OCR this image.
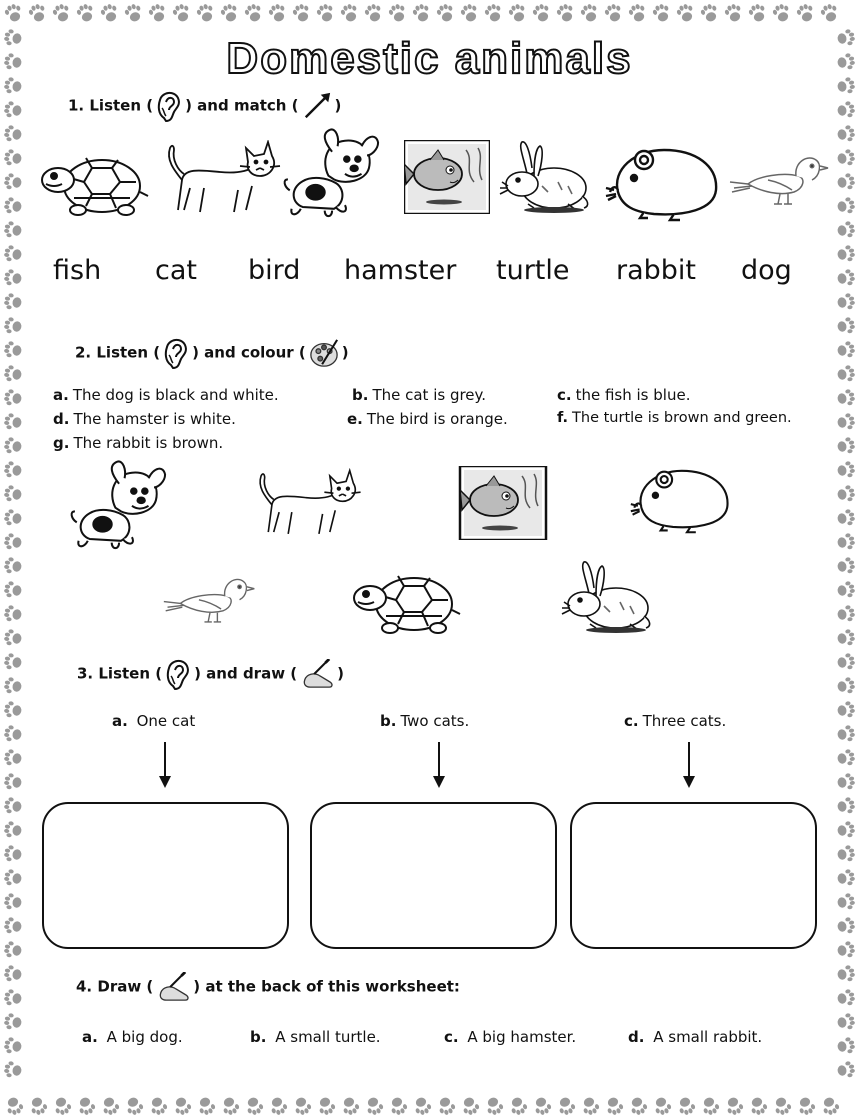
Domestic animals
1. Listen ( ) and match ( )
fish cat bird hamster turtle rabbit dog
2. Listen ( ) and colour ( )
a. The dog is black and white.	b. The cat is grey.	c. the fish is blue.
d. The hamster is white.	e. The bird is orange.	f. The turtle is brown and green.
g. The rabbit is brown.
3. Listen ( ) and draw (	)
a. One cat	b. Two cats.	c. Three cats.
4. Draw (	) at the back of this worksheet:
a. A big dog.	b. A small turtle.	c. A big hamster.	d. A small rabbit.
